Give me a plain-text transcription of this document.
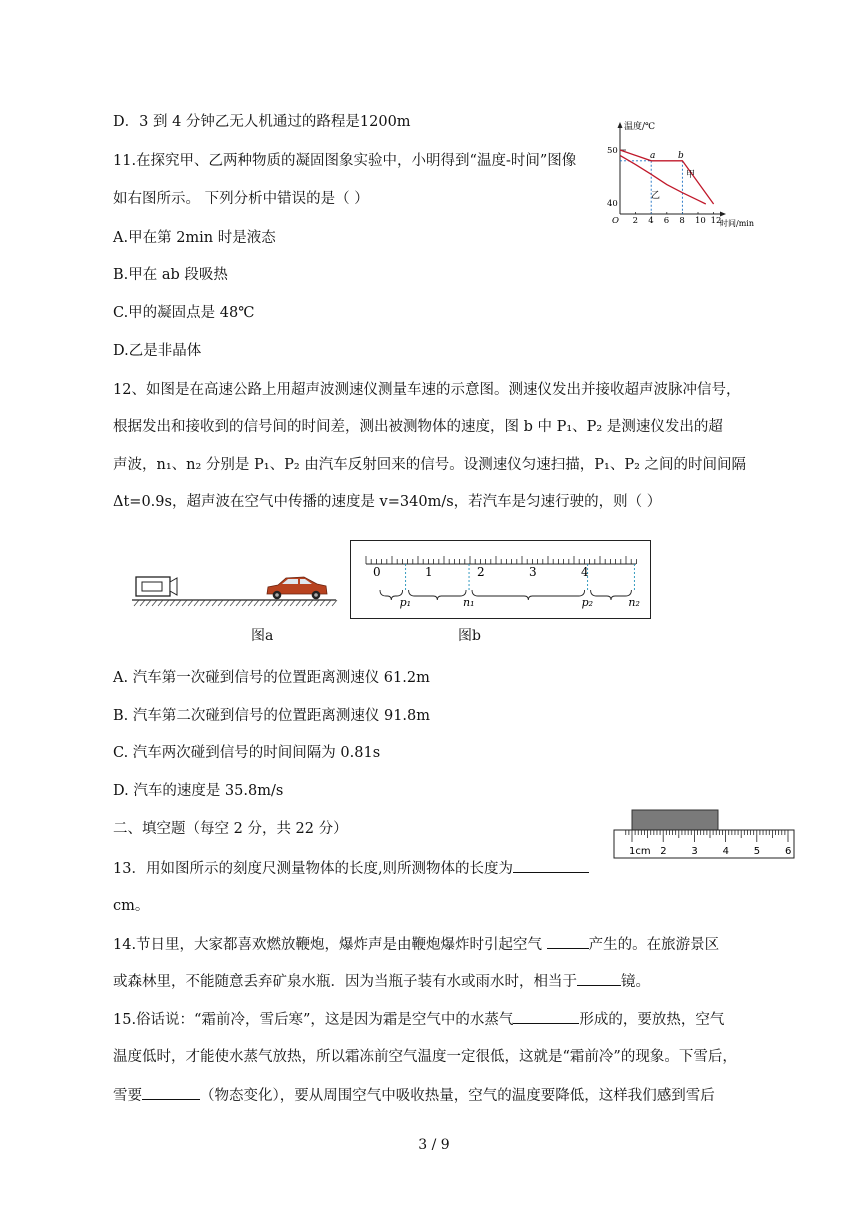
D．3 到 4 分钟乙无人机通过的路程是1200m
11.在探究甲、乙两种物质的凝固图象实验中，小明得到“温度-时间”图像
如右图所示。 下列分析中错误的是（ ）
A.甲在第 2min 时是液态
B.甲在 ab 段吸热
C.甲的凝固点是 48℃
D.乙是非晶体
12、如图是在高速公路上用超声波测速仪测量车速的示意图。测速仪发出并接收超声波脉冲信号，
根据发出和接收到的信号间的时间差，测出被测物体的速度，图 b 中 P₁、P₂ 是测速仪发出的超
声波，n₁、n₂ 分别是 P₁、P₂ 由汽车反射回来的信号。设测速仪匀速扫描，P₁、P₂ 之间的时间间隔
Δt=0.9s，超声波在空气中传播的速度是 v=340m/s，若汽车是匀速行驶的，则（ ）
A. 汽车第一次碰到信号的位置距离测速仪 61.2m
B. 汽车第二次碰到信号的位置距离测速仪 91.8m
C. 汽车两次碰到信号的时间间隔为 0.81s
D. 汽车的速度是 35.8m/s
二、填空题（每空 2 分，共 22 分）
13．用如图所示的刻度尺测量物体的长度,则所测物体的长度为
cm。
14.节日里，大家都喜欢燃放鞭炮，爆炸声是由鞭炮爆炸时引起空气	产生的。在旅游景区
或森林里，不能随意丢弃矿泉水瓶．因为当瓶子装有水或雨水时，相当于	镜。
15.俗话说：“霜前冷，雪后寒”，这是因为霜是空气中的水蒸气	形成的，要放热，空气
温度低时，才能使水蒸气放热，所以霜冻前空气温度一定很低，这就是“霜前冷”的现象。下雪后，
雪要	（物态变化），要从周围空气中吸收热量，空气的温度要降低，这样我们感到雪后
温度/℃
时间/min
50
40
O 2 4 6 8 10 12
a	b
甲
乙
图a
0	1	2	3	4
p₁	n₁	p₂	n₂
图b
1cm 2 3 4 5 6
3 / 9
